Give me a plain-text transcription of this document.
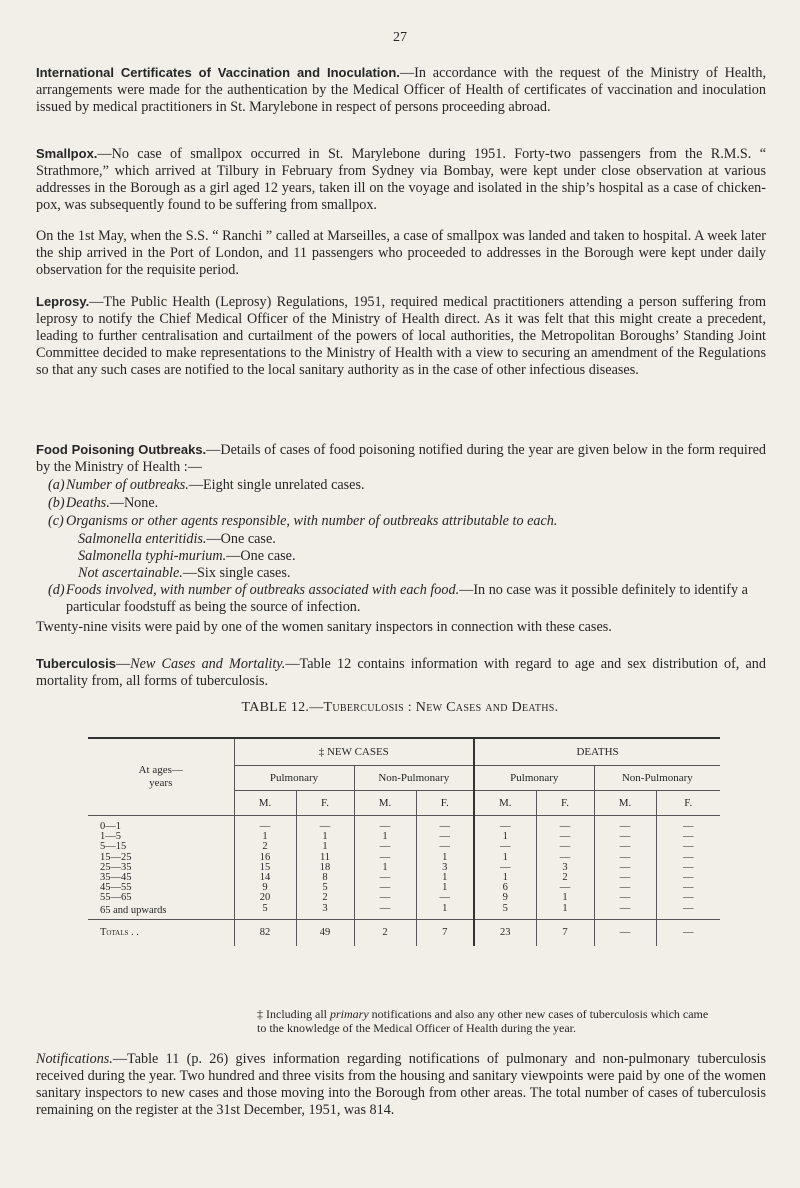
27

International Certificates of Vaccination and Inoculation.—In accordance with the request of the Ministry of Health, arrangements were made for the authentication by the Medical Officer of Health of certificates of vaccination and inoculation issued by medical practitioners in St. Marylebone in respect of persons proceeding abroad.

Smallpox.—No case of smallpox occurred in St. Marylebone during 1951. Forty-two passengers from the R.M.S. “ Strathmore,” which arrived at Tilbury in February from Sydney via Bombay, were kept under close observation at various addresses in the Borough as a girl aged 12 years, taken ill on the voyage and isolated in the ship’s hospital as a case of chicken-pox, was subsequently found to be suffering from smallpox.

On the 1st May, when the S.S. “ Ranchi ” called at Marseilles, a case of smallpox was landed and taken to hospital. A week later the ship arrived in the Port of London, and 11 passengers who proceeded to addresses in the Borough were kept under daily observation for the requisite period.

Leprosy.—The Public Health (Leprosy) Regulations, 1951, required medical practitioners attending a person suffering from leprosy to notify the Chief Medical Officer of the Ministry of Health direct. As it was felt that this might create a precedent, leading to further centralisation and curtailment of the powers of local authorities, the Metropolitan Boroughs’ Standing Joint Committee decided to make representations to the Ministry of Health with a view to securing an amendment of the Regulations so that any such cases are notified to the local sanitary authority as in the case of other infectious diseases.

Food Poisoning Outbreaks.—Details of cases of food poisoning notified during the year are given below in the form required by the Ministry of Health :—

(a)Number of outbreaks.—Eight single unrelated cases.
(b)Deaths.—None.
(c) Organisms or other agents responsible, with number of outbreaks attributable to each.
Salmonella enteritidis.—One case.
Salmonella typhi-murium.—One case.
Not ascertainable.—Six single cases.
(d)Foods involved, with number of outbreaks associated with each food.—In no case was it possible definitely to identify a particular foodstuff as being the source of infection.

Twenty-nine visits were paid by one of the women sanitary inspectors in connection with these cases.

Tuberculosis—New Cases and Mortality.—Table 12 contains information with regard to age and sex distribution of, and mortality from, all forms of tuberculosis.

TABLE 12.—Tuberculosis : New Cases and Deaths.
At ages—
years	‡ NEW CASES				DEATHS			
	Pulmonary		Non-Pulmonary		Pulmonary		Non-Pulmonary	
	M.	F.	M.	F.	M.	F.	M.	F.
0—1	—	—	—	—	—	—	—	—
1—5	1	1	1	—	1	—	—	—
5—15	2	1	—	—	—	—	—	—
15—25	16	11	—	1	1	—	—	—
25—35	15	18	1	3	—	3	—	—
35—45	14	8	—	1	1	2	—	—
45—55	9	5	—	1	6	—	—	—
55—65	20	2	—	—	9	1	—	—
65 and upwards	5	3	—	1	5	1	—	—
Totals . .	82	49	2	7	23	7	—	—
‡ Including all primary notifications and also any other new cases of tuberculosis which came to the knowledge of the Medical Officer of Health during the year.

Notifications.—Table 11 (p. 26) gives information regarding notifications of pulmonary and non-pulmonary tuberculosis received during the year. Two hundred and three visits from the housing and sanitary viewpoints were paid by one of the women sanitary inspectors to new cases and those moving into the Borough from other areas. The total number of cases of tuberculosis remaining on the register at the 31st December, 1951, was 814.
